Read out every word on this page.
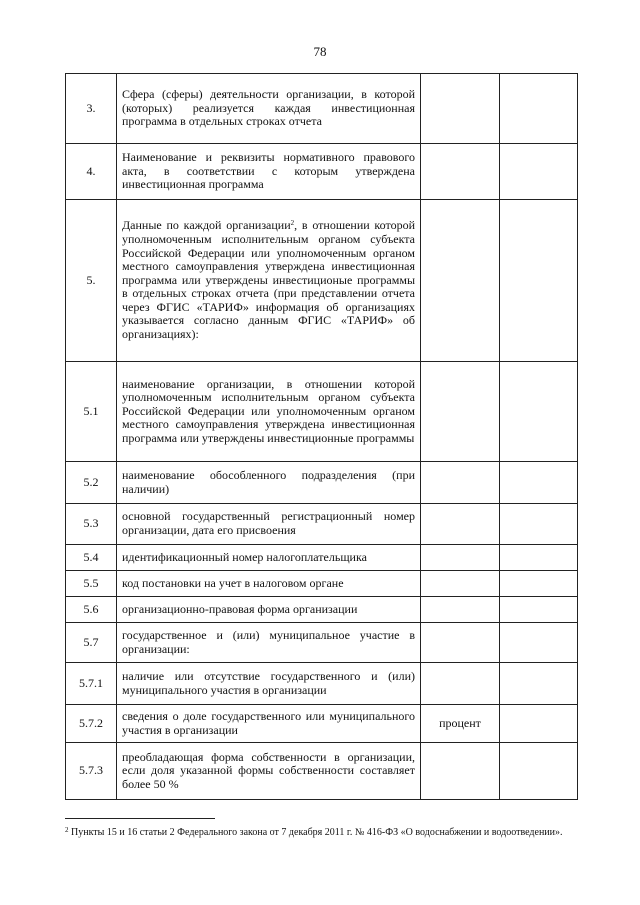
78
3.	Сфера (сферы) деятельности организации, в которой (которых) реализуется каждая инвестиционная программа в отдельных строках отчета		
4.	Наименование и реквизиты нормативного правового акта, в соответствии с которым утверждена инвестиционная программа		
5.	Данные по каждой организации$^2$, в отношении которой уполномоченным исполнительным органом субъекта Российской Федерации или уполномоченным органом местного самоуправления утверждена инвестиционная программа или утверждены инвестиционые программы в отдельных строках отчета (при представлении отчета через ФГИС «ТАРИФ» информация об организациях указывается согласно данным ФГИС «ТАРИФ» об организациях):		
5.1	наименование организации, в отношении которой уполномоченным исполнительным органом субъекта Российской Федерации или уполномоченным органом местного самоуправления утверждена инвестиционная программа или утверждены инвестиционные программы		
5.2	наименование обособленного подразделения (при наличии)		
5.3	основной государственный регистрационный номер организации, дата его присвоения		
5.4	идентификационный номер налогоплательщика		
5.5	код постановки на учет в налоговом органе		
5.6	организационно-правовая форма организации		
5.7	государственное и (или) муниципальное участие в организации:		
5.7.1	наличие или отсутствие государственного и (или) муниципального участия в организации		
5.7.2	сведения о доле государственного или муниципального участия в организации	процент	
5.7.3	преобладающая форма собственности в организации, если доля указанной формы собственности составляет более 50 %		
$^2$ Пункты 15 и 16 статьи 2 Федерального закона от 7 декабря 2011 г. № 416-ФЗ «О водоснабжении и водоотведении».
